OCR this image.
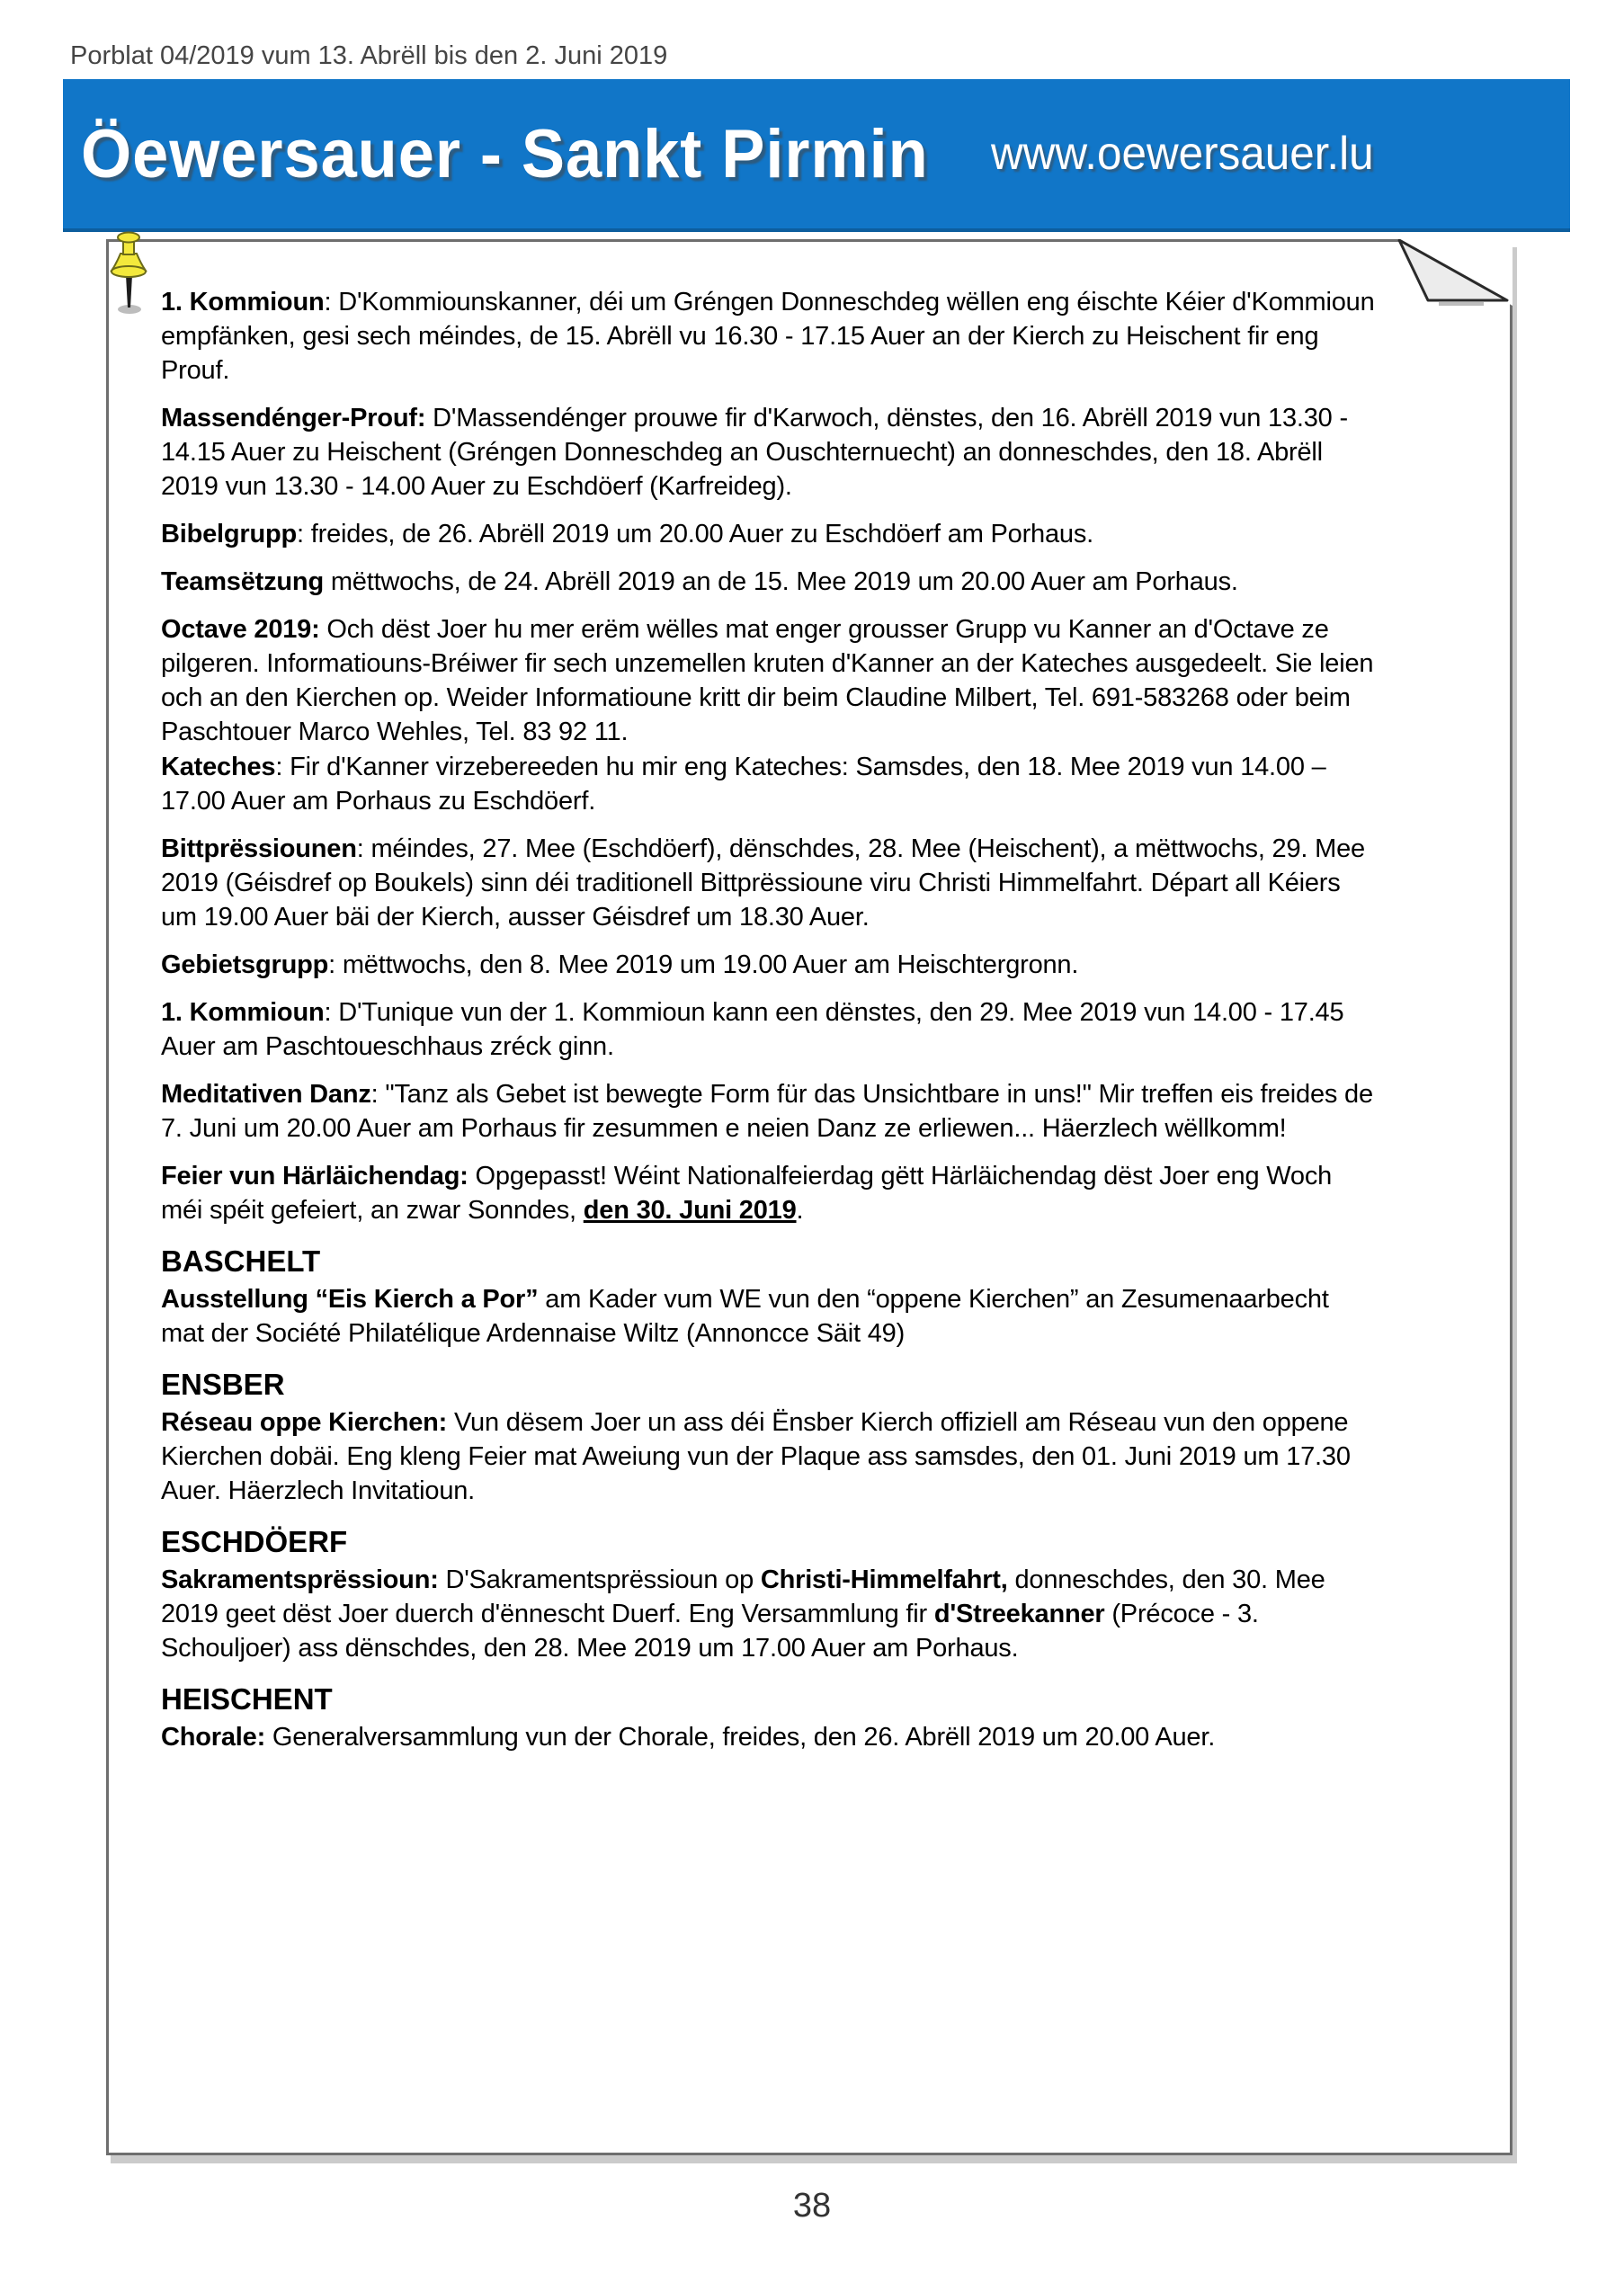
Porblat 04/2019 vum 13. Abrëll bis den 2. Juni 2019
Öewersauer - Sankt Pirmin www.oewersauer.lu

1. Kommioun: D'Kommiounskanner, déi um Gréngen Donneschdeg wëllen eng éischte Kéier d'Kommioun empfänken, gesi sech méindes, de 15. Abrëll vu 16.30 - 17.15 Auer an der Kierch zu Heischent fir eng Prouf.

Massendénger-Prouf: D'Massendénger prouwe fir d'Karwoch, dënstes, den 16. Abrëll 2019 vun 13.30 - 14.15 Auer zu Heischent (Gréngen Donneschdeg an Ouschternuecht) an donneschdes, den 18. Abrëll 2019 vun 13.30 - 14.00 Auer zu Eschdöerf (Karfreideg).

Bibelgrupp: freides, de 26. Abrëll 2019 um 20.00 Auer zu Eschdöerf am Porhaus.

Teamsëtzung mëttwochs, de 24. Abrëll 2019 an de 15. Mee 2019 um 20.00 Auer am Porhaus.

Octave 2019: Och dëst Joer hu mer erëm wëlles mat enger grousser Grupp vu Kanner an d'Octave ze pilgeren. Informatiouns-Bréiwer fir sech unzemellen kruten d'Kanner an der Kateches ausgedeelt. Sie leien och an den Kierchen op. Weider Informatioune kritt dir beim Claudine Milbert, Tel. 691-583268 oder beim Paschtouer Marco Wehles, Tel. 83 92 11.

Kateches: Fir d'Kanner virzebereeden hu mir eng Kateches: Samsdes, den 18. Mee 2019 vun 14.00 – 17.00 Auer am Porhaus zu Eschdöerf.

Bittprëssiounen: méindes, 27. Mee (Eschdöerf), dënschdes, 28. Mee (Heischent), a mëttwochs, 29. Mee 2019 (Géisdref op Boukels) sinn déi traditionell Bittprëssioune viru Christi Himmelfahrt. Départ all Kéiers um 19.00 Auer bäi der Kierch, ausser Géisdref um 18.30 Auer.

Gebietsgrupp: mëttwochs, den 8. Mee 2019 um 19.00 Auer am Heischtergronn.

1. Kommioun: D'Tunique vun der 1. Kommioun kann een dënstes, den 29. Mee 2019 vun 14.00 - 17.45 Auer am Paschtoueschhaus zréck ginn.

Meditativen Danz: "Tanz als Gebet ist bewegte Form für das Unsichtbare in uns!" Mir treffen eis freides de 7. Juni um 20.00 Auer am Porhaus fir zesummen e neien Danz ze erliewen... Häerzlech wëllkomm!

Feier vun Härläichendag: Opgepasst! Wéint Nationalfeierdag gëtt Härläichendag dëst Joer eng Woch méi spéit gefeiert, an zwar Sonndes, den 30. Juni 2019.

BASCHELT

Ausstellung “Eis Kierch a Por” am Kader vum WE vun den “oppene Kierchen” an Zesumenaarbecht mat der Société Philatélique Ardennaise Wiltz (Annoncce Säit 49)

ENSBER

Réseau oppe Kierchen: Vun dësem Joer un ass déi Ënsber Kierch offiziell am Réseau vun den oppene Kierchen dobäi. Eng kleng Feier mat Aweiung vun der Plaque ass samsdes, den 01. Juni 2019 um 17.30 Auer. Häerzlech Invitatioun.

ESCHDÖERF

Sakramentsprëssioun: D'Sakramentsprëssioun op Christi-Himmelfahrt, donneschdes, den 30. Mee 2019 geet dëst Joer duerch d'ënnescht Duerf. Eng Versammlung fir d'Streekanner (Précoce - 3. Schouljoer) ass dënschdes, den 28. Mee 2019 um 17.00 Auer am Porhaus.

HEISCHENT

Chorale: Generalversammlung vun der Chorale, freides, den 26. Abrëll 2019 um 20.00 Auer.

38
